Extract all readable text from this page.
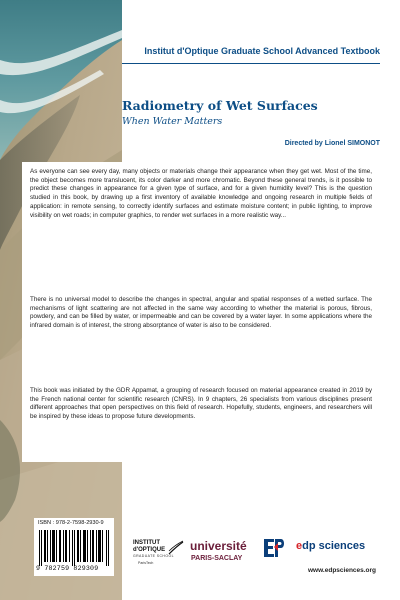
Institut d'Optique Graduate School Advanced Textbook
Radiometry of Wet Surfaces
When Water Matters
Directed by Lionel SIMONOT

As everyone can see every day, many objects or materials change their appearance when they get wet. Most of the time, the object becomes more translucent, its color darker and more chromatic. Beyond these general trends, is it possible to predict these changes in appearance for a given type of surface, and for a given humidity level? This is the question studied in this book, by drawing up a first inventory of available knowledge and ongoing research in multiple fields of application: in remote sensing, to correctly identify surfaces and estimate moisture content; in public lighting, to improve visibility on wet roads; in computer graphics, to render wet surfaces in a more realistic way...

There is no universal model to describe the changes in spectral, angular and spatial responses of a wetted surface. The mechanisms of light scattering are not affected in the same way according to whether the material is porous, fibrous, powdery, and can be filled by water, or impermeable and can be covered by a water layer. In some applications where the infrared domain is of interest, the strong absorptance of water is also to be considered.

This book was initiated by the GDR Appamat, a grouping of research focused on material appearance created in 2019 by the French national center for scientific research (CNRS). In 9 chapters, 26 specialists from various disciplines present different approaches that open perspectives on this field of research. Hopefully, students, engineers, and researchers will be inspired by these ideas to propose future developments.

ISBN : 978-2-7598-2930-9
9 782759 829309
INSTITUT
d'OPTIQUE
GRADUATE SCHOOL
ParisTech
université
PARIS-SACLAY
edp sciences
www.edpsciences.org
